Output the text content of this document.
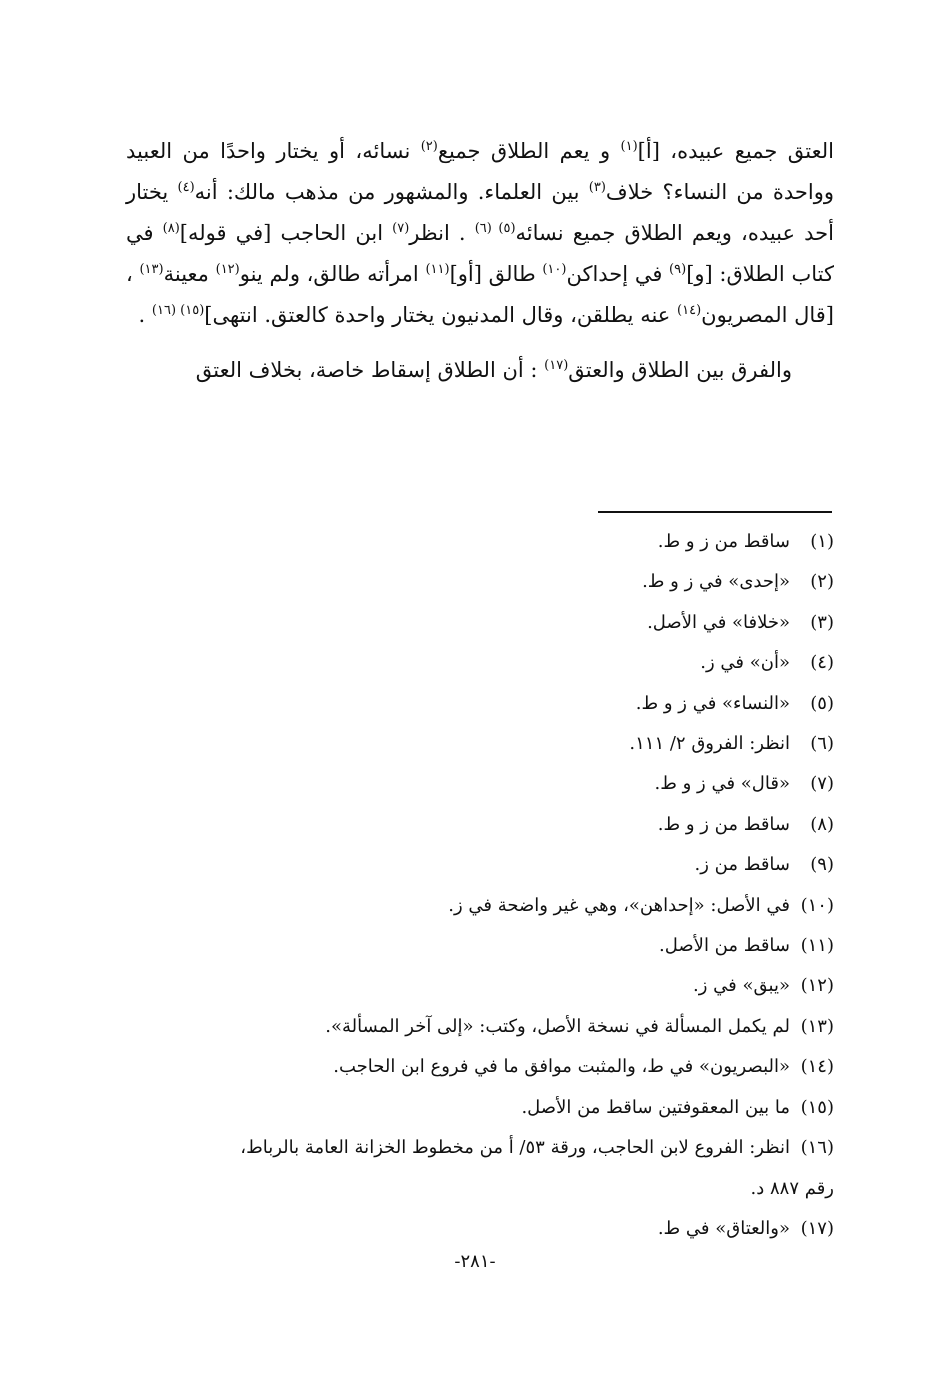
العتق جميع عبيده، [أ]$^{(١)}$ و يعم الطلاق جميع$^{(٢)}$ نسائه، أو يختار واحدًا من العبيد وواحدة من النساء؟ خلاف$^{(٣)}$ بين العلماء. والمشهور من مذهب مالك: أنه$^{(٤)}$ يختار أحد عبيده، ويعم الطلاق جميع نسائه$^{(٥) (٦)}$ . انظر$^{(٧)}$ ابن الحاجب [في قوله]$^{(٨)}$ في كتاب الطلاق: [و]$^{(٩)}$ في إحداكن$^{(١٠)}$ طالق [أو]$^{(١١)}$ امرأته طالق، ولم ينو$^{(١٢)}$ معينة$^{(١٣)}$ ، [قال المصريون$^{(١٤)}$ عنه يطلقن، وقال المدنيون يختار واحدة كالعتق. انتهى]$^{(١٥) (١٦)}$ .

والفرق بين الطلاق والعتق$^{(١٧)}$ : أن الطلاق إسقاط خاصة، بخلاف العتق

(١)ساقط من ز و ط.
(٢)«إحدى» في ز و ط.
(٣)«خلافا» في الأصل.
(٤)«أن» في ز.
(٥)«النساء» في ز و ط.
(٦)انظر: الفروق ٢/ ١١١.
(٧)«قال» في ز و ط.
(٨)ساقط من ز و ط.
(٩)ساقط من ز.
(١٠)في الأصل: «إحداهن»، وهي غير واضحة في ز.
(١١)ساقط من الأصل.
(١٢)«يبق» في ز.
(١٣)لم يكمل المسألة في نسخة الأصل، وكتب: «إلى آخر المسألة».
(١٤)«البصريون» في ط، والمثبت موافق ما في فروع ابن الحاجب.
(١٥)ما بين المعقوفتين ساقط من الأصل.
(١٦)انظر: الفروع لابن الحاجب، ورقة ٥٣/ أ من مخطوط الخزانة العامة بالرباط،
رقم ٨٨٧ د.
(١٧)«والعتاق» في ط.
-٢٨١-
